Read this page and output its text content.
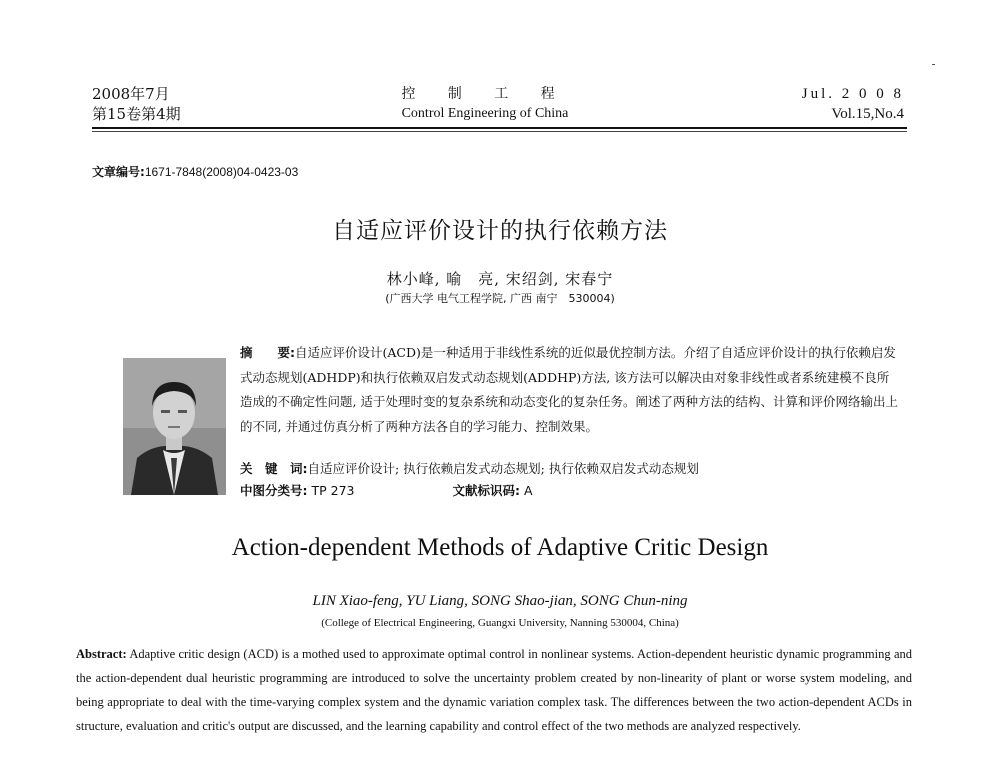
2008年7月
第15卷第4期
控 制 工 程
Control Engineering of China
Jul. 2 0 0 8
Vol.15,No.4
文章编号:1671-7848(2008)04-0423-03
自适应评价设计的执行依赖方法
林小峰, 喻　亮, 宋绍剑, 宋春宁
(广西大学 电气工程学院, 广西 南宁　530004)
摘　　要:自适应评价设计(ACD)是一种适用于非线性系统的近似最优控制方法。介绍了自适应评价设计的执行依赖启发式动态规划(ADHDP)和执行依赖双启发式动态规划(ADDHP)方法, 该方法可以解决由对象非线性或者系统建模不良所造成的不确定性问题, 适于处理时变的复杂系统和动态变化的复杂任务。阐述了两种方法的结构、计算和评价网络输出上的不同, 并通过仿真分析了两种方法各自的学习能力、控制效果。
关　键　词:自适应评价设计; 执行依赖启发式动态规划; 执行依赖双启发式动态规划
中图分类号: TP 273	文献标识码: A
Action-dependent Methods of Adaptive Critic Design
LIN Xiao-feng, YU Liang, SONG Shao-jian, SONG Chun-ning
(College of Electrical Engineering, Guangxi University, Nanning 530004, China)
Abstract: Adaptive critic design (ACD) is a mothed used to approximate optimal control in nonlinear systems. Action-dependent heuristic dynamic programming and the action-dependent dual heuristic programming are introduced to solve the uncertainty problem created by non-linearity of plant or worse system modeling, and being appropriate to deal with the time-varying complex system and the dynamic variation complex task. The differences between the two action-dependent ACDs in structure, evaluation and critic's output are discussed, and the learning capability and control effect of the two methods are analyzed respectively.
